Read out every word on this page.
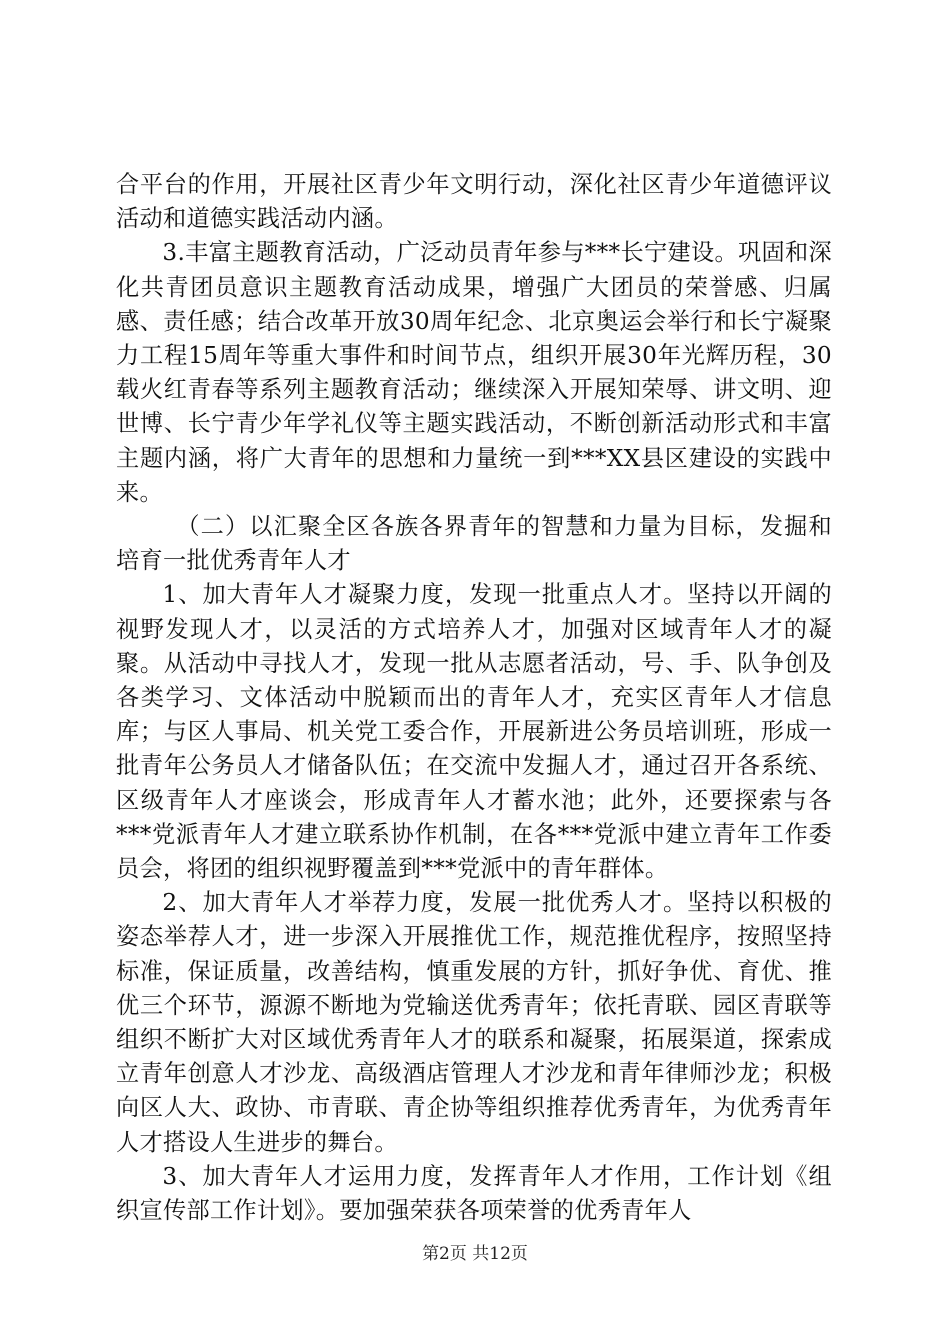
合平台的作用，开展社区青少年文明行动，深化社区青少年道德评议活动和道德实践活动内涵。

3.丰富主题教育活动，广泛动员青年参与***长宁建设。巩固和深化共青团员意识主题教育活动成果，增强广大团员的荣誉感、归属感、责任感；结合改革开放30周年纪念、北京奥运会举行和长宁凝聚力工程15周年等重大事件和时间节点，组织开展30年光辉历程，30载火红青春等系列主题教育活动；继续深入开展知荣辱、讲文明、迎世博、长宁青少年学礼仪等主题实践活动，不断创新活动形式和丰富主题内涵，将广大青年的思想和力量统一到***XX县区建设的实践中来。

（二）以汇聚全区各族各界青年的智慧和力量为目标，发掘和培育一批优秀青年人才

1、加大青年人才凝聚力度，发现一批重点人才。坚持以开阔的视野发现人才，以灵活的方式培养人才，加强对区域青年人才的凝聚。从活动中寻找人才，发现一批从志愿者活动，号、手、队争创及各类学习、文体活动中脱颖而出的青年人才，充实区青年人才信息库；与区人事局、机关党工委合作，开展新进公务员培训班，形成一批青年公务员人才储备队伍；在交流中发掘人才，通过召开各系统、区级青年人才座谈会，形成青年人才蓄水池；此外，还要探索与各***党派青年人才建立联系协作机制，在各***党派中建立青年工作委员会，将团的组织视野覆盖到***党派中的青年群体。

2、加大青年人才举荐力度，发展一批优秀人才。坚持以积极的姿态举荐人才，进一步深入开展推优工作，规范推优程序，按照坚持标准，保证质量，改善结构，慎重发展的方针，抓好争优、育优、推优三个环节，源源不断地为党输送优秀青年；依托青联、园区青联等组织不断扩大对区域优秀青年人才的联系和凝聚，拓展渠道，探索成立青年创意人才沙龙、高级酒店管理人才沙龙和青年律师沙龙；积极向区人大、政协、市青联、青企协等组织推荐优秀青年，为优秀青年人才搭设人生进步的舞台。

3、加大青年人才运用力度，发挥青年人才作用，工作计划《组织宣传部工作计划》。要加强荣获各项荣誉的优秀青年人

第2页 共12页
